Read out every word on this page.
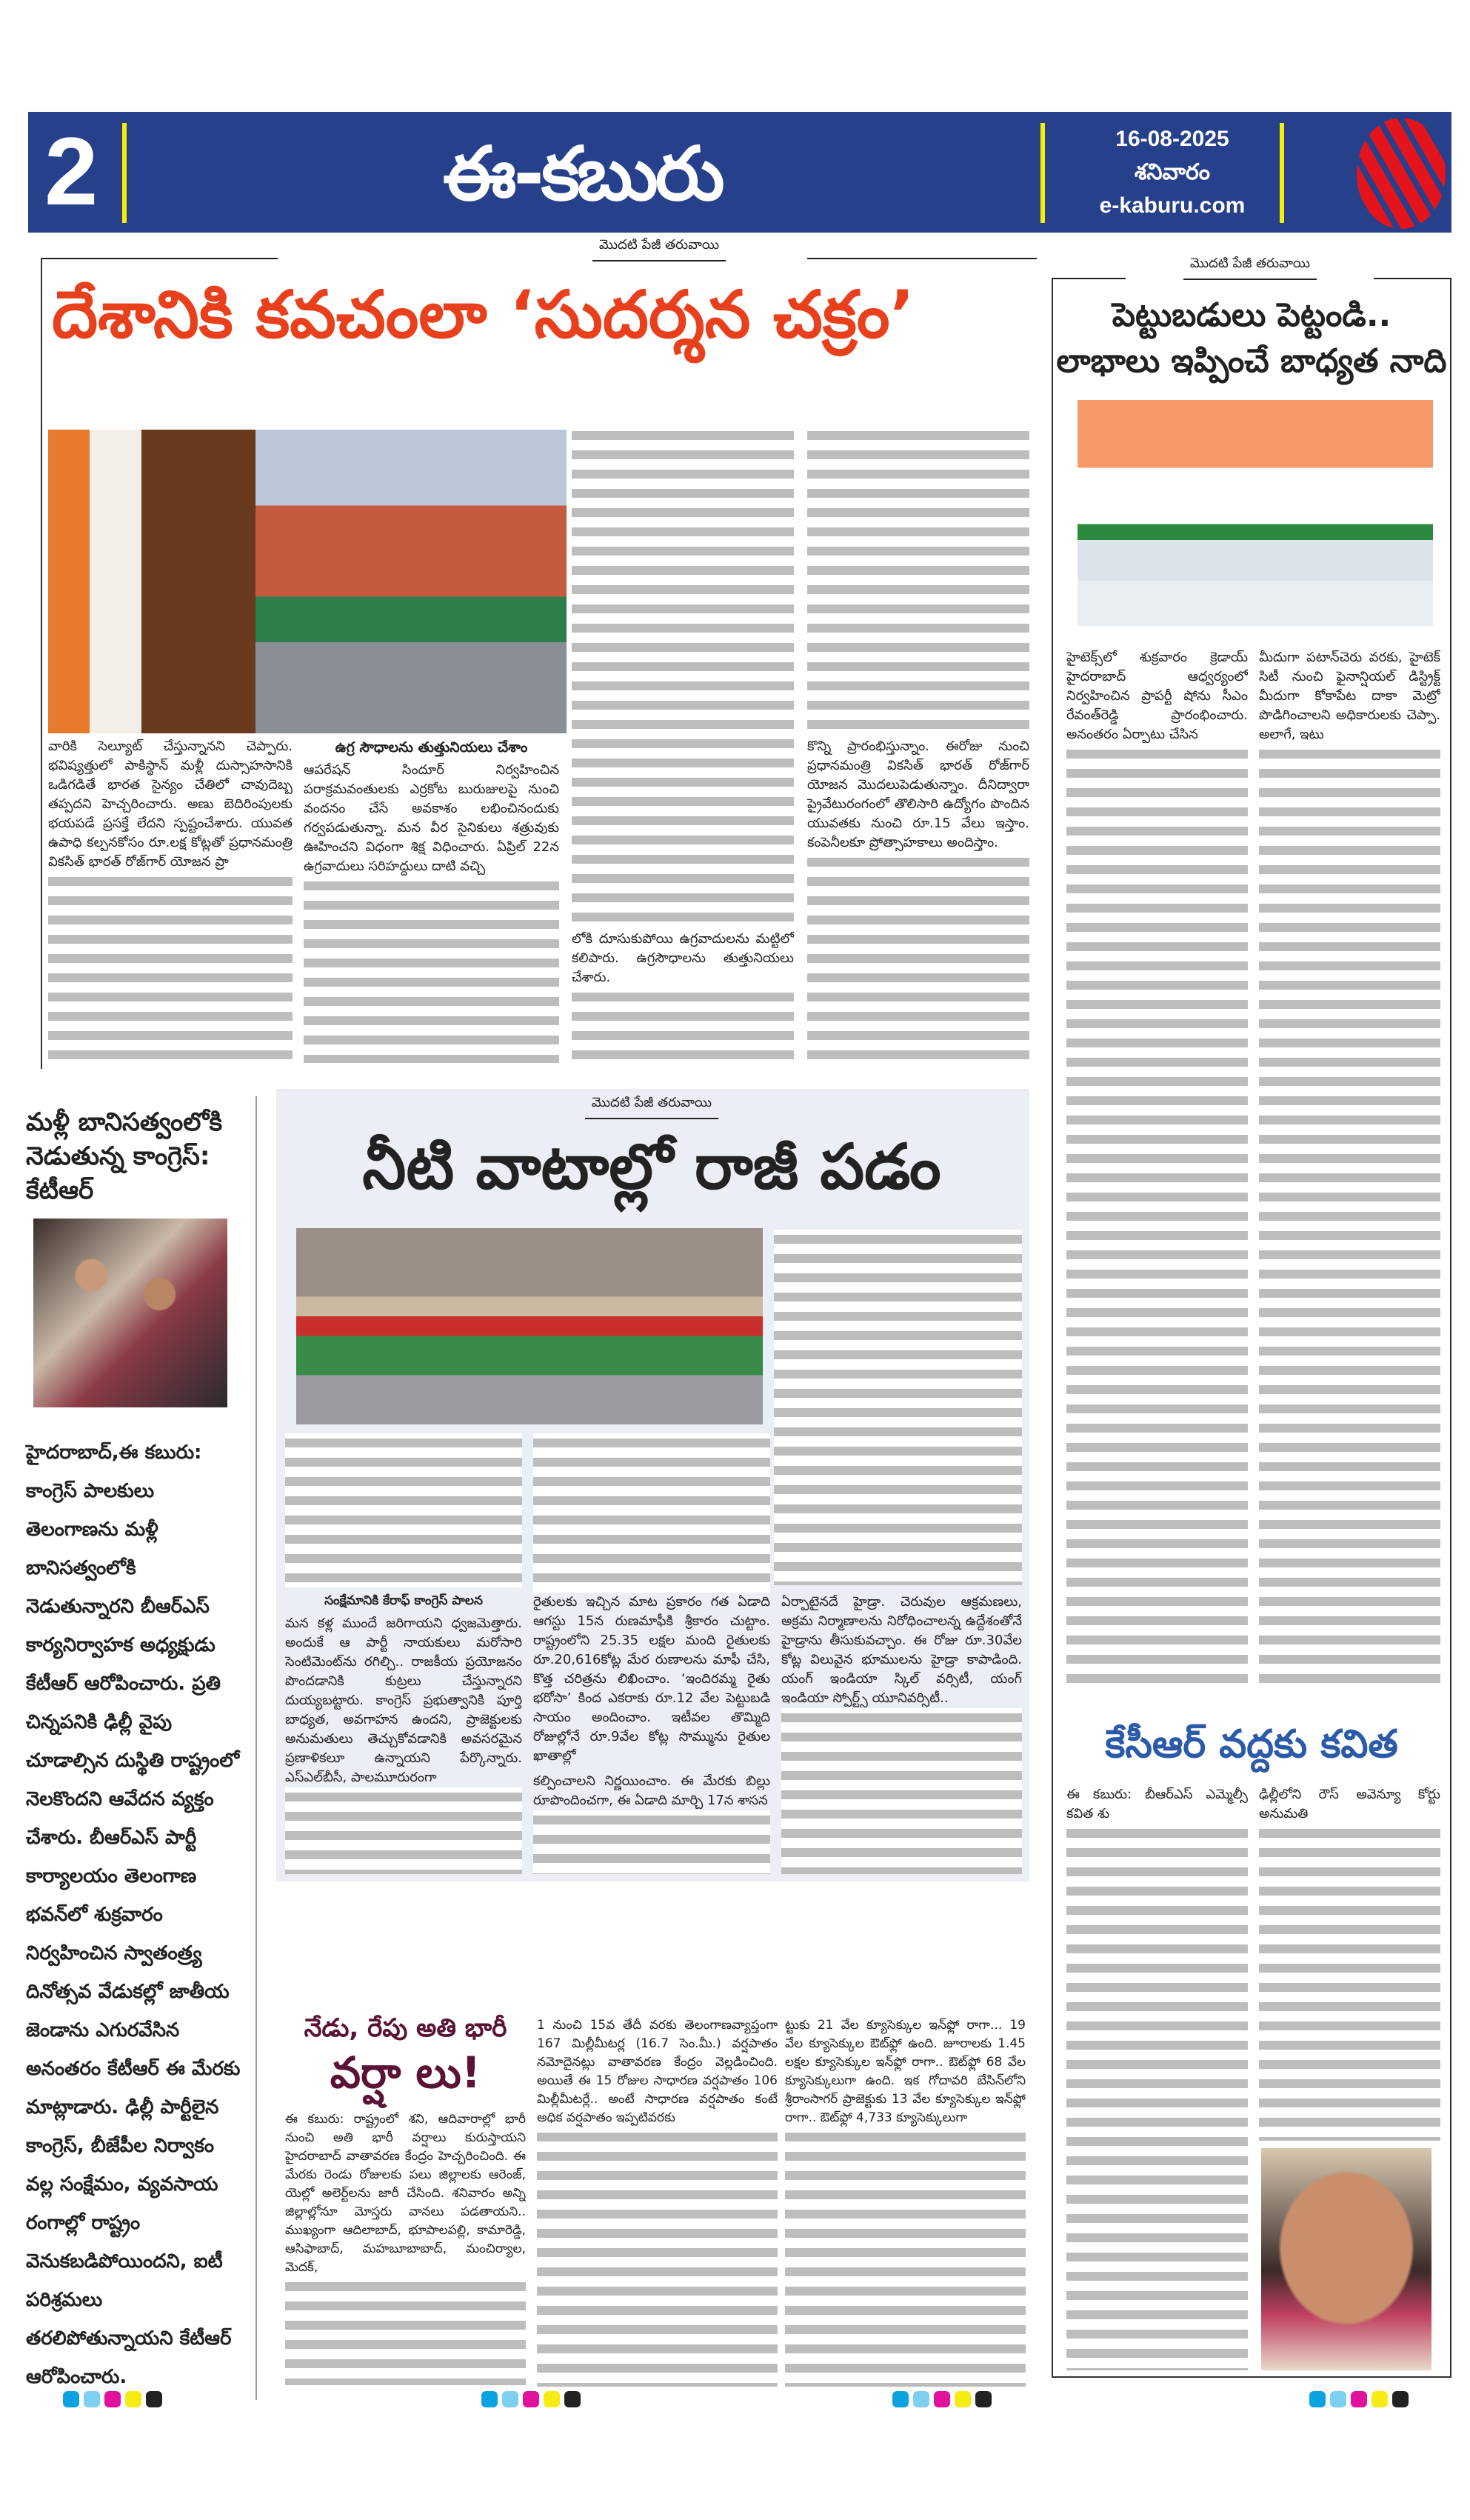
2	ఈ-కబురు	16-08-2025
శనివారం
e-kaburu.com
మొదటి పేజీ తరువాయి
దేశానికి కవచంలా ‘సుదర్శన చక్రం’

వారికి సెల్యూట్ చేస్తున్నానని చెప్పారు. భవిష్యత్తులో పాకిస్థాన్ మళ్లీ దుస్సాహసానికి ఒడిగడితే భారత సైన్యం చేతిలో చావుదెబ్బ తప్పదని హెచ్చరించారు. అణు బెదిరింపులకు భయపడే ప్రసక్తే లేదని స్పష్టంచేశారు. యువత ఉపాధి కల్పనకోసం రూ.లక్ష కోట్లతో ప్రధానమంత్రి వికసిత్ భారత్ రోజ్‌గార్ యోజన ప్రా

ఉగ్ర సౌధాలను తుత్తునియలు చేశాం

ఆపరేషన్ సిందూర్ నిర్వహించిన పరాక్రమవంతులకు ఎర్రకోట బురుజులపై నుంచి వందనం చేసే అవకాశం లభించినందుకు గర్వపడుతున్నా. మన వీర సైనికులు శత్రువుకు ఊహించని విధంగా శిక్ష విధించారు. ఏప్రిల్ 22న ఉగ్రవాదులు సరిహద్దులు దాటి వచ్చి

లోకి దూసుకుపోయి ఉగ్రవాదులను మట్టిలో కలిపారు. ఉగ్రసౌధాలను తుత్తునియలు చేశారు.

కొన్ని ప్రారంభిస్తున్నాం. ఈరోజు నుంచి ప్రధానమంత్రి వికసిత్ భారత్ రోజ్‌గార్ యోజన మొదలుపెడుతున్నాం. దీనిద్వారా ప్రైవేటురంగంలో తొలిసారి ఉద్యోగం పొందిన యువతకు నుంచి రూ.15 వేలు ఇస్తాం. కంపెనీలకూ ప్రోత్సాహకాలు అందిస్తాం.

మొదటి పేజీ తరువాయి
పెట్టుబడులు పెట్టండి..
లాభాలు ఇప్పించే బాధ్యత నాది

హైటెక్స్‌లో శుక్రవారం క్రెడాయ్ హైదరాబాద్ ఆధ్వర్యంలో నిర్వహించిన ప్రాపర్టీ షోను సీఎం రేవంత్‌రెడ్డి ప్రారంభించారు. అనంతరం ఏర్పాటు చేసిన

మీదుగా పటాన్‌చెరు వరకు, హైటెక్ సిటీ నుంచి ఫైనాన్షియల్ డిస్ట్రిక్ట్ మీదుగా కోకాపేట దాకా మెట్రో పొడిగించాలని అధికారులకు చెప్పా. అలాగే, ఇటు

కేసీఆర్ వద్దకు కవిత

ఈ కబురు: బీఆర్ఎస్ ఎమ్మెల్సీ కవిత శు

ఢిల్లీలోని రౌస్ అవెన్యూ కోర్టు అనుమతి

మళ్లీ బానిసత్వంలోకి నెడుతున్న కాంగ్రెస్: కేటీఆర్
హైదరాబాద్,ఈ కబురు: కాంగ్రెస్ పాలకులు తెలంగాణను మళ్లీ బానిసత్వంలోకి నెడుతున్నారని బీఆర్ఎస్ కార్యనిర్వాహక అధ్యక్షుడు కేటీఆర్ ఆరోపించారు. ప్రతి చిన్నపనికి ఢిల్లీ వైపు చూడాల్సిన దుస్థితి రాష్ట్రంలో నెలకొందని ఆవేదన వ్యక్తం చేశారు. బీఆర్ఎస్ పార్టీ కార్యాలయం తెలంగాణ భవన్‌లో శుక్రవారం నిర్వహించిన స్వాతంత్ర్య దినోత్సవ వేడుకల్లో జాతీయ జెండాను ఎగురవేసిన అనంతరం కేటీఆర్ ఈ మేరకు మాట్లాడారు. ఢిల్లీ పార్టీలైన కాంగ్రెస్, బీజేపీల నిర్వాకం వల్ల సంక్షేమం, వ్యవసాయ రంగాల్లో రాష్ట్రం వెనుకబడిపోయిందని, ఐటీ పరిశ్రమలు తరలిపోతున్నాయని కేటీఆర్ ఆరోపించారు.
మొదటి పేజీ తరువాయి
నీటి వాటాల్లో రాజీ పడం
సంక్షేమానికి కేరాఫ్ కాంగ్రెస్ పాలన

మన కళ్ల ముందే జరిగాయని ధ్వజమెత్తారు. అందుకే ఆ పార్టీ నాయకులు మరోసారి సెంటిమెంట్‌ను రగిల్చి.. రాజకీయ ప్రయోజనం పొందడానికి కుట్రలు చేస్తున్నారని దుయ్యబట్టారు. కాంగ్రెస్ ప్రభుత్వానికి పూర్తి బాధ్యత, అవగాహన ఉందని, ప్రాజెక్టులకు అనుమతులు తెచ్చుకోవడానికి అవసరమైన ప్రణాళికలూ ఉన్నాయని పేర్కొన్నారు. ఎస్ఎల్‌బీసీ, పాలమూరురంగా

రైతులకు ఇచ్చిన మాట ప్రకారం గత ఏడాది ఆగస్టు 15న రుణమాఫీకి శ్రీకారం చుట్టాం. రాష్ట్రంలోని 25.35 లక్షల మంది రైతులకు రూ.20,616కోట్ల మేర రుణాలను మాఫీ చేసి, కొత్త చరిత్రను లిఖించాం. ‘ఇందిరమ్మ రైతు భరోసా’ కింద ఎకరాకు రూ.12 వేల పెట్టుబడి సాయం అందించాం. ఇటీవల తొమ్మిది రోజుల్లోనే రూ.9వేల కోట్ల సొమ్మును రైతుల ఖాతాల్లో

కల్పించాలని నిర్ణయించాం. ఈ మేరకు బిల్లు రూపొందించగా, ఈ ఏడాది మార్చి 17న శాసన

ఏర్పాటైనదే హైడ్రా. చెరువుల ఆక్రమణలు, అక్రమ నిర్మాణాలను నిరోధించాలన్న ఉద్దేశంతోనే హైడ్రాను తీసుకువచ్చాం. ఈ రోజు రూ.30వేల కోట్ల విలువైన భూములను హైడ్రా కాపాడింది. యంగ్ ఇండియా స్కిల్ వర్సిటీ, యంగ్ ఇండియా స్పోర్ట్స్ యూనివర్సిటీ..

నేడు, రేపు అతి భారీ
వర్షా లు!

ఈ కబురు: రాష్ట్రంలో శని, ఆదివారాల్లో భారీ నుంచి అతి భారీ వర్షాలు కురుస్తాయని హైదరాబాద్ వాతావరణ కేంద్రం హెచ్చరించింది. ఈ మేరకు రెండు రోజులకు పలు జిల్లాలకు ఆరెంజ్, యెల్లో అలెర్ట్‌లను జారీ చేసింది. శనివారం అన్ని జిల్లాల్లోనూ మోస్తరు వానలు పడతాయని.. ముఖ్యంగా ఆదిలాబాద్, భూపాలపల్లి, కామారెడ్డి, ఆసిఫాబాద్, మహబూబాబాద్, మంచిర్యాల, మెదక్,

1 నుంచి 15వ తేదీ వరకు తెలంగాణవ్యాప్తంగా 167 మిల్లీమీటర్ల (16.7 సెం.మీ.) వర్షపాతం నమోదైనట్లు వాతావరణ కేంద్రం వెల్లడించింది. అయితే ఈ 15 రోజుల సాధారణ వర్షపాతం 106 మిల్లీమీటర్లే.. అంటే సాధారణ వర్షపాతం కంటే అధిక వర్షపాతం ఇప్పటివరకు

ట్టుకు 21 వేల క్యూసెక్కుల ఇన్‌ఫ్లో రాగా... 19 వేల క్యూసెక్కుల ఔట్‌ఫ్లో ఉంది. జూరాలకు 1.45 లక్షల క్యూసెక్కుల ఇన్‌ఫ్లో రాగా.. ఔట్‌ఫ్లో 68 వేల క్యూసెక్కులుగా ఉంది. ఇక గోదావరి బేసిన్‌లోని శ్రీరాంసాగర్ ప్రాజెక్టుకు 13 వేల క్యూసెక్కుల ఇన్‌ఫ్లో రాగా.. ఔట్‌ఫ్లో 4,733 క్యూసెక్కులుగా
